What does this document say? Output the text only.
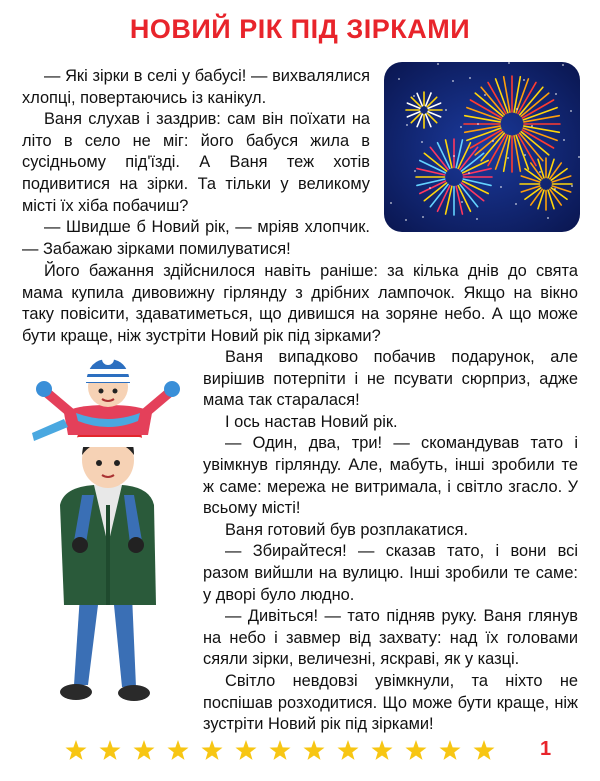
НОВИЙ РІК ПІД ЗІРКАМИ

— Які зірки в селі у бабусі! — вихвалялися хлопці, повертаючись із канікул.

Ваня слухав і заздрив: сам він поїхати на літо в село не міг: його бабуся жила в сусідньому під'їзді. А Ваня теж хотів подивитися на зірки. Та тільки у великому місті їх хіба побачиш?

— Швидше б Новий рік, — мріяв хлопчик. — Забажаю зірками помилуватися!

Його бажання здійснилося навіть раніше: за кілька днів до свята мама купила дивовижну гірлянду з дрібних лампочок. Якщо на вікно таку повісити, здаватиметься, що дивишся на зоряне небо. А що може бути краще, ніж зустріти Новий рік під зірками?

Ваня випадково побачив подарунок, але вирішив потерпіти і не псувати сюрприз, адже мама так старалася!

І ось настав Новий рік.

— Один, два, три! — скомандував тато і увімкнув гірлянду. Але, мабуть, інші зробили те ж саме: мережа не витримала, і світло згасло. У всьому місті!

Ваня готовий був розплакатися.

— Збирайтеся! — сказав тато, і вони всі разом вийшли на вулицю. Інші зробили те саме: у дворі було людно.

— Дивіться! — тато підняв руку. Ваня глянув на небо і завмер від захвату: над їх головами сяяли зірки, величезні, яскраві, як у казці.

Світло невдовзі увімкнули, та ніхто не поспішав розходитися. Що може бути краще, ніж зустріти Новий рік під зірками!

1
